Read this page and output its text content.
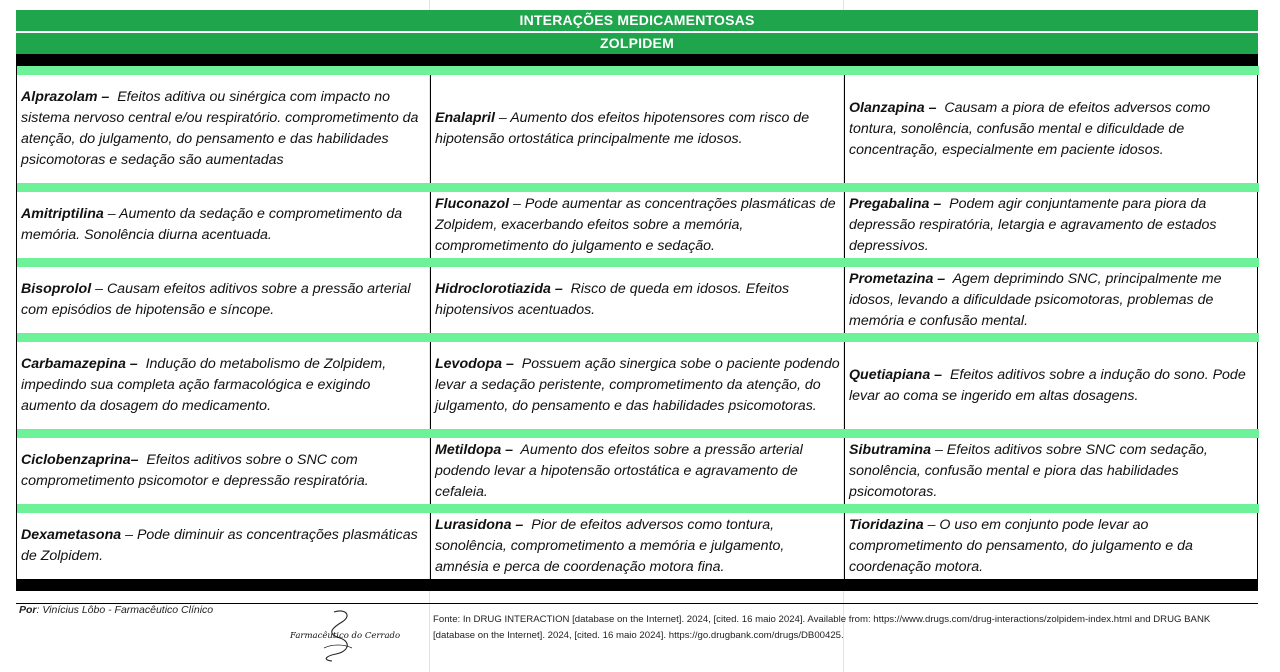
INTERAÇÕES MEDICAMENTOSAS
ZOLPIDEM

Alprazolam – Efeitos aditiva ou sinérgica com impacto no sistema nervoso central e/ou respiratório. comprometimento da atenção, do julgamento, do pensamento e das habilidades psicomotoras e sedação são aumentadas

Enalapril – Aumento dos efeitos hipotensores com risco de hipotensão ortostática principalmente me idosos.

Olanzapina – Causam a piora de efeitos adversos como tontura, sonolência, confusão mental e dificuldade de concentração, especialmente em paciente idosos.

Amitriptilina – Aumento da sedação e comprometimento da memória. Sonolência diurna acentuada.

Fluconazol – Pode aumentar as concentrações plasmáticas de Zolpidem, exacerbando efeitos sobre a memória, comprometimento do julgamento e sedação.

Pregabalina – Podem agir conjuntamente para piora da depressão respiratória, letargia e agravamento de estados depressivos.

Bisoprolol – Causam efeitos aditivos sobre a pressão arterial com episódios de hipotensão e síncope.

Hidroclorotiazida – Risco de queda em idosos. Efeitos hipotensivos acentuados.

Prometazina – Agem deprimindo SNC, principalmente me idosos, levando a dificuldade psicomotoras, problemas de memória e confusão mental.

Carbamazepina – Indução do metabolismo de Zolpidem, impedindo sua completa ação farmacológica e exigindo aumento da dosagem do medicamento.

Levodopa – Possuem ação sinergica sobe o paciente podendo levar a sedação peristente, comprometimento da atenção, do julgamento, do pensamento e das habilidades psicomotoras.

Quetiapiana – Efeitos aditivos sobre a indução do sono. Pode levar ao coma se ingerido em altas dosagens.

Ciclobenzaprina– Efeitos aditivos sobre o SNC com comprometimento psicomotor e depressão respiratória.

Metildopa – Aumento dos efeitos sobre a pressão arterial podendo levar a hipotensão ortostática e agravamento de cefaleia.

Sibutramina – Efeitos aditivos sobre SNC com sedação, sonolência, confusão mental e piora das habilidades psicomotoras.

Dexametasona – Pode diminuir as concentrações plasmáticas de Zolpidem.

Lurasidona – Pior de efeitos adversos como tontura, sonolência, comprometimento a memória e julgamento, amnésia e perca de coordenação motora fina.

Tioridazina – O uso em conjunto pode levar ao comprometimento do pensamento, do julgamento e da coordenação motora.

Por: Vinícius Lôbo - Farmacêutico Clínico
Farmacêutico do Cerrado
Fonte: In DRUG INTERACTION [database on the Internet]. 2024, [cited. 16 maio 2024]. Available from: https://www.drugs.com/drug-interactions/zolpidem-index.html and DRUG BANK [database on the Internet]. 2024, [cited. 16 maio 2024]. https://go.drugbank.com/drugs/DB00425.
